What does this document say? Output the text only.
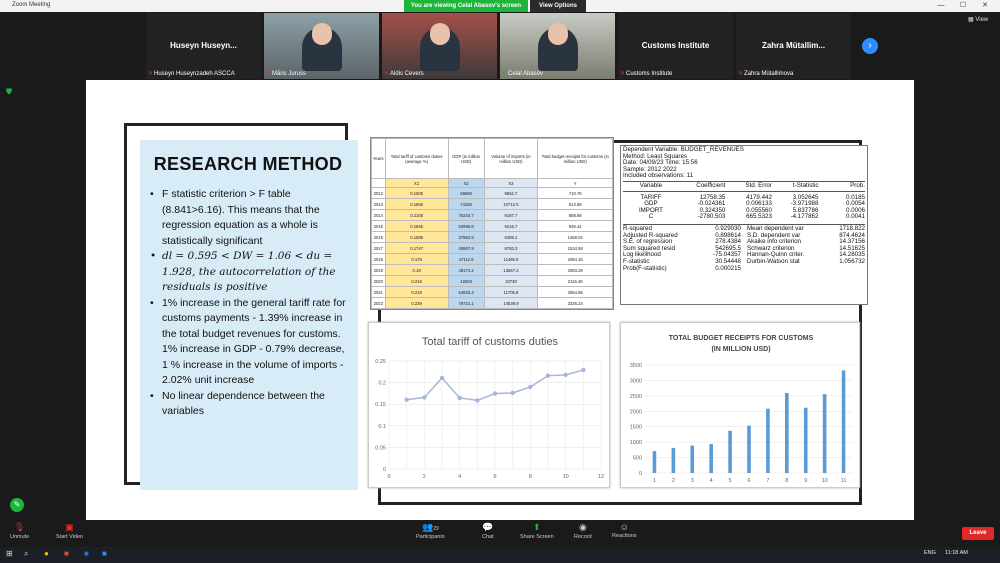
Zoom Meeting	You are viewing Celal Abasov's screen	View Options	— ☐ ✕
Huseyn Huseyn...
✕ Huseyn Huseynzadeh ASCCA	✕ Māris Juruss	✕ Aldis Cevers	● Celal Abasov
Customs Institute
✕ Customs Institute
Zahra Mütallim...
✕ Zahra Mütallimova
›
▦ View
⛊
RESEARCH METHOD
• F statistic criterion > F table (8.841>6.16). This means that the regression equation as a whole is statistically significant
• dl = 0.595 < DW = 1.06 < du = 1.928, the autocorrelation of the residuals is positive
• 1% increase in the general tariff rate for customs payments - 1.39% increase in the total budget revenues for customs. 1% increase in GDP - 0.79% decrease, 1 % increase in the volume of imports - 2.02% unit increase
• No linear dependence between the variables
Years	Total tariff of customs duties (average %)	GDP (in million USD)	Volume of imports (in million USD)	Total budget receipts for customs (in million USD)
	X1	X2	X3	Y
2012	0.1605	69680	9652.7	710.79
2013	0.1655	74160	10712.5	813.68
2014	0.2108	75234.7	9187.7	888.68
2015	0.1645	52996.8	9216.7	936.42
2016	0.1588	37862.8	8489.1	1368.04
2017	0.1747	40867.9	8783.3	1534.58
2018	0.176	47112.9	11465.9	2084.18
2019	0.19	48174.2	13667.2	2593.29
2020	0.216	42693	10730	2116.49
2021	0.218	54825.4	11705.8	2554.65
2022	0.229	78721.1	14539.9	3326.24
Dependent Variable: BUDGET_REVENUES
Method: Least Squares
Date: 04/09/23 Time: 15:56
Sample: 2012 2022
Included observations: 11
Variable	Coefficient	Std. Error	t-Statistic	Prob.
TARIFF	12758.35	4179.442	3.052645	0.0185
GDP	-0.024361	0.006133	-3.971988	0.0054
IMPORT	0.324350	0.055560	5.837786	0.0006
C	-2780.503	665.5323	-4.177862	0.0041
R-squared	0.929030 Mean dependent var	1718.822
Adjusted R-squared	0.898614 S.D. dependent var	874.4624
S.E. of regression	278.4384 Akaike info criterion	14.37156
Sum squared resid	542695.5 Schwarz criterion	14.51625
Log likelihood	-75.04357 Hannan-Quinn criter.	14.28035
F-statistic	30.54448 Durbin-Watson stat	1.056732
Prob(F-statistic)	0.000215
Total tariff of customs duties
0
0.05
0.1
0.15
0.2
0.25
0	2	4	6	8	10	12
TOTAL BUDGET RECEIPTS FOR CUSTOMS
(IN MILLION USD)
0
500
1000
1500
2000
2500
3000
3500
1	2	3	4	5	6	7	8	9	10 11
✎
🎙
Unmute
▣
Start Video
👥29
Participants
💬
Chat
⬆
Share Screen
◉
Record
☺
Reactions	Leave
⊞ ⌕ ● ■ ■ ■	ENG 11:18 AM
